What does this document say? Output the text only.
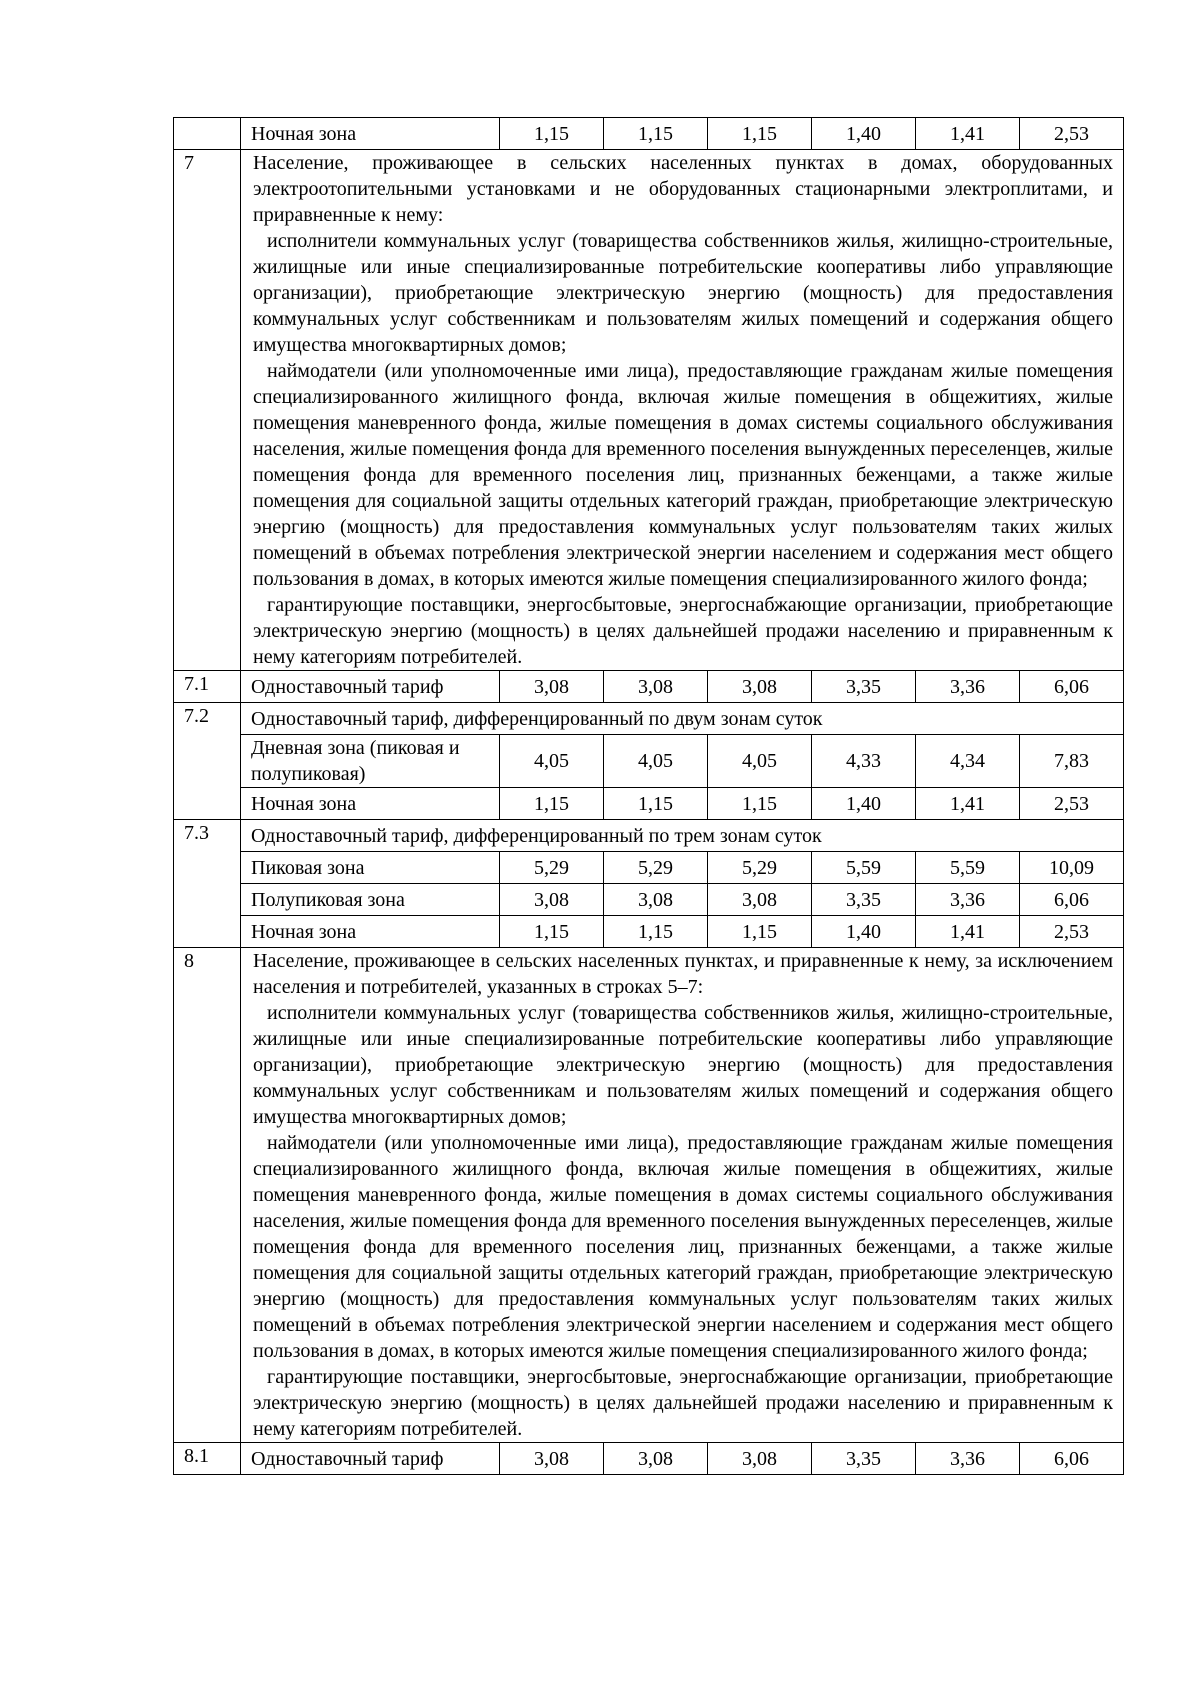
	Ночная зона	1,15	1,15	1,15	1,40	1,41	2,53
7	Население, проживающее в сельских населенных пунктах в домах, оборудованных электроотопительными установками и не оборудованных стационарными электроплитами, и приравненные к нему:

исполнители коммунальных услуг (товарищества собственников жилья, жилищно-строительные, жилищные или иные специализированные потребительские кооперативы либо управляющие организации), приобретающие электрическую энергию (мощность) для предоставления коммунальных услуг собственникам и пользователям жилых помещений и содержания общего имущества многоквартирных домов;

наймодатели (или уполномоченные ими лица), предоставляющие гражданам жилые помещения специализированного жилищного фонда, включая жилые помещения в общежитиях, жилые помещения маневренного фонда, жилые помещения в домах системы социального обслуживания населения, жилые помещения фонда для временного поселения вынужденных переселенцев, жилые помещения фонда для временного поселения лиц, признанных беженцами, а также жилые помещения для социальной защиты отдельных категорий граждан, приобретающие электрическую энергию (мощность) для предоставления коммунальных услуг пользователям таких жилых помещений в объемах потребления электрической энергии населением и содержания мест общего пользования в домах, в которых имеются жилые помещения специализированного жилого фонда;

гарантирующие поставщики, энергосбытовые, энергоснабжающие организации, приобретающие электрическую энергию (мощность) в целях дальнейшей продажи населению и приравненным к нему категориям потребителей.						

7.1	Одноставочный тариф	3,08	3,08	3,08	3,35	3,36	6,06
7.2	Одноставочный тариф, дифференцированный по двум зонам суток						
	Дневная зона (пиковая и полупиковая)	4,05	4,05	4,05	4,33	4,34	7,83
	Ночная зона	1,15	1,15	1,15	1,40	1,41	2,53
7.3	Одноставочный тариф, дифференцированный по трем зонам суток						
	Пиковая зона	5,29	5,29	5,29	5,59	5,59	10,09
	Полупиковая зона	3,08	3,08	3,08	3,35	3,36	6,06
	Ночная зона	1,15	1,15	1,15	1,40	1,41	2,53
8	Население, проживающее в сельских населенных пунктах, и приравненные к нему, за исключением населения и потребителей, указанных в строках 5–7:

исполнители коммунальных услуг (товарищества собственников жилья, жилищно-строительные, жилищные или иные специализированные потребительские кооперативы либо управляющие организации), приобретающие электрическую энергию (мощность) для предоставления коммунальных услуг собственникам и пользователям жилых помещений и содержания общего имущества многоквартирных домов;

наймодатели (или уполномоченные ими лица), предоставляющие гражданам жилые помещения специализированного жилищного фонда, включая жилые помещения в общежитиях, жилые помещения маневренного фонда, жилые помещения в домах системы социального обслуживания населения, жилые помещения фонда для временного поселения вынужденных переселенцев, жилые помещения фонда для временного поселения лиц, признанных беженцами, а также жилые помещения для социальной защиты отдельных категорий граждан, приобретающие электрическую энергию (мощность) для предоставления коммунальных услуг пользователям таких жилых помещений в объемах потребления электрической энергии населением и содержания мест общего пользования в домах, в которых имеются жилые помещения специализированного жилого фонда;

гарантирующие поставщики, энергосбытовые, энергоснабжающие организации, приобретающие электрическую энергию (мощность) в целях дальнейшей продажи населению и приравненным к нему категориям потребителей.						

8.1	Одноставочный тариф	3,08	3,08	3,08	3,35	3,36	6,06
